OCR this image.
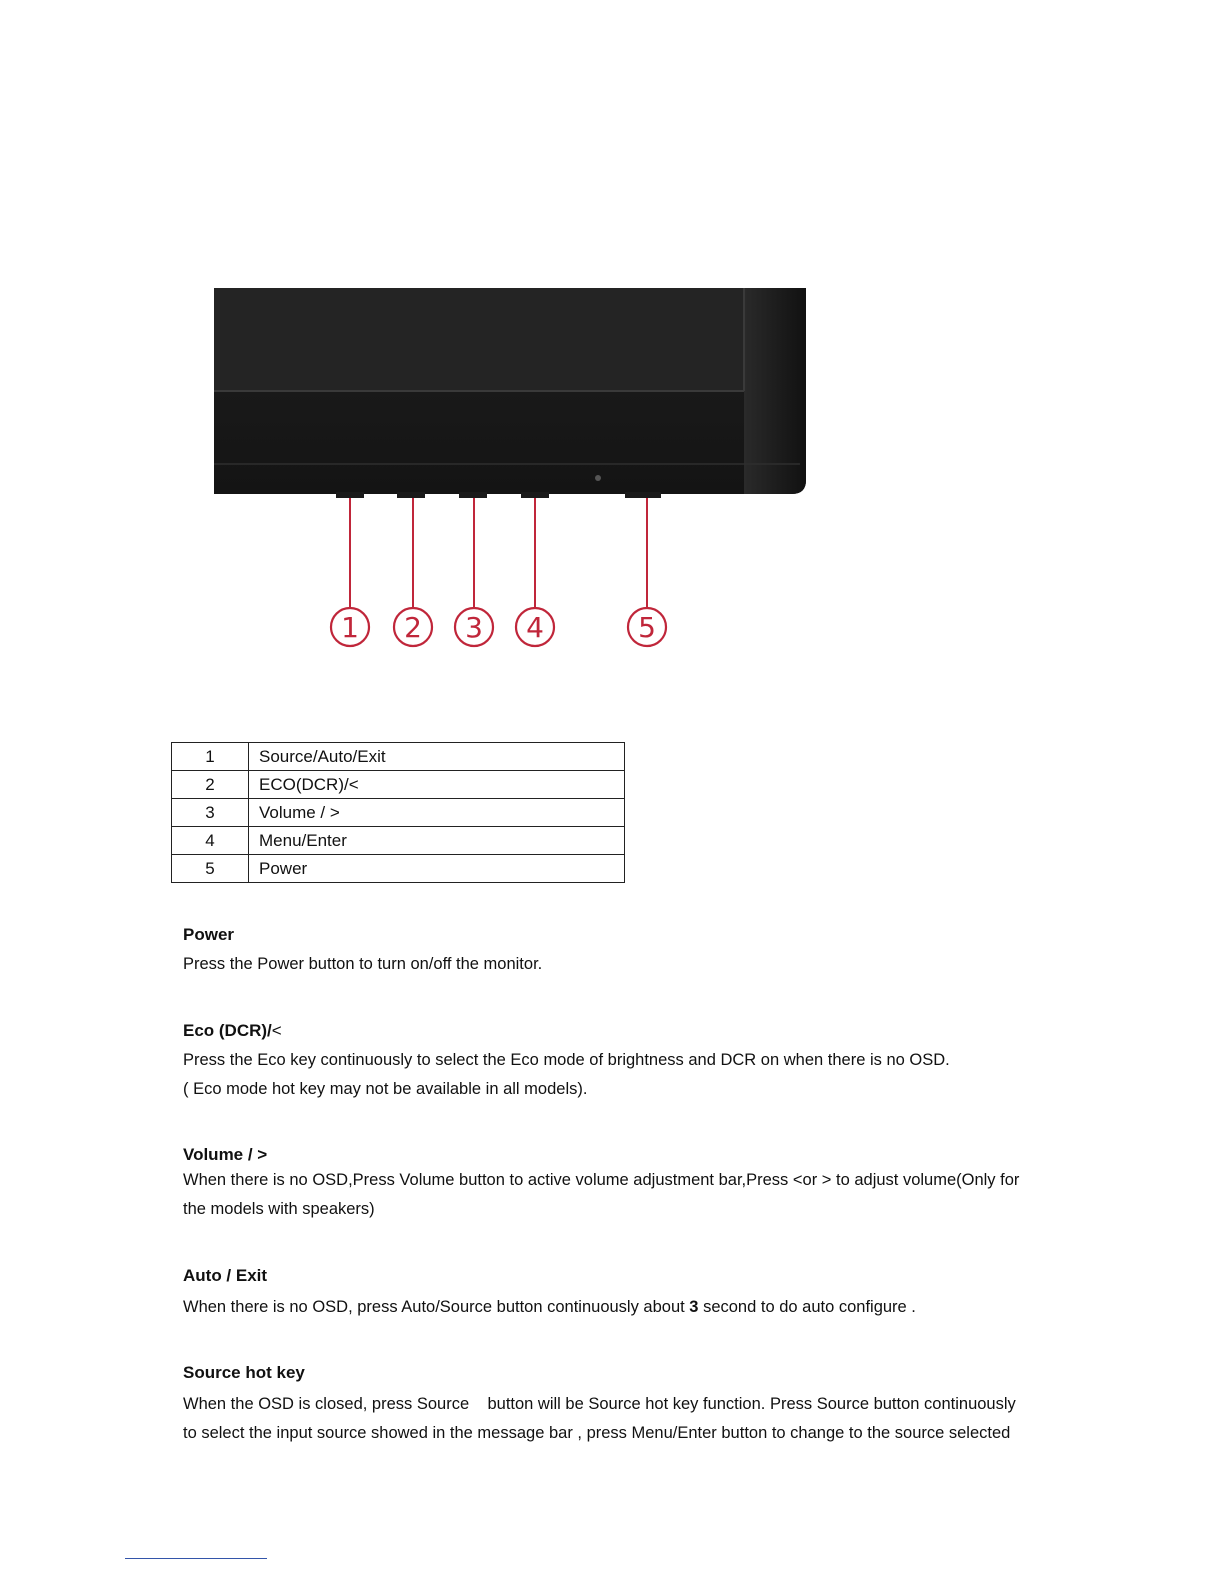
1 2 3 4	5
1	Source/Auto/Exit
2	ECO(DCR)/<
3	Volume / >
4	Menu/Enter
5	Power
Power
Press the Power button to turn on/off the monitor.
Eco (DCR)/<
Press the Eco key continuously to select the Eco mode of brightness and DCR on when there is no OSD.
( Eco mode hot key may not be available in all models).
Volume / >
When there is no OSD,Press Volume button to active volume adjustment bar,Press <or > to adjust volume(Only for
the models with speakers)
Auto / Exit
When there is no OSD, press Auto/Source button continuously about 3 second to do auto configure .
Source hot key
When the OSD is closed, press Source    button will be Source hot key function. Press Source button continuously
to select the input source showed in the message bar , press Menu/Enter button to change to the source selected
